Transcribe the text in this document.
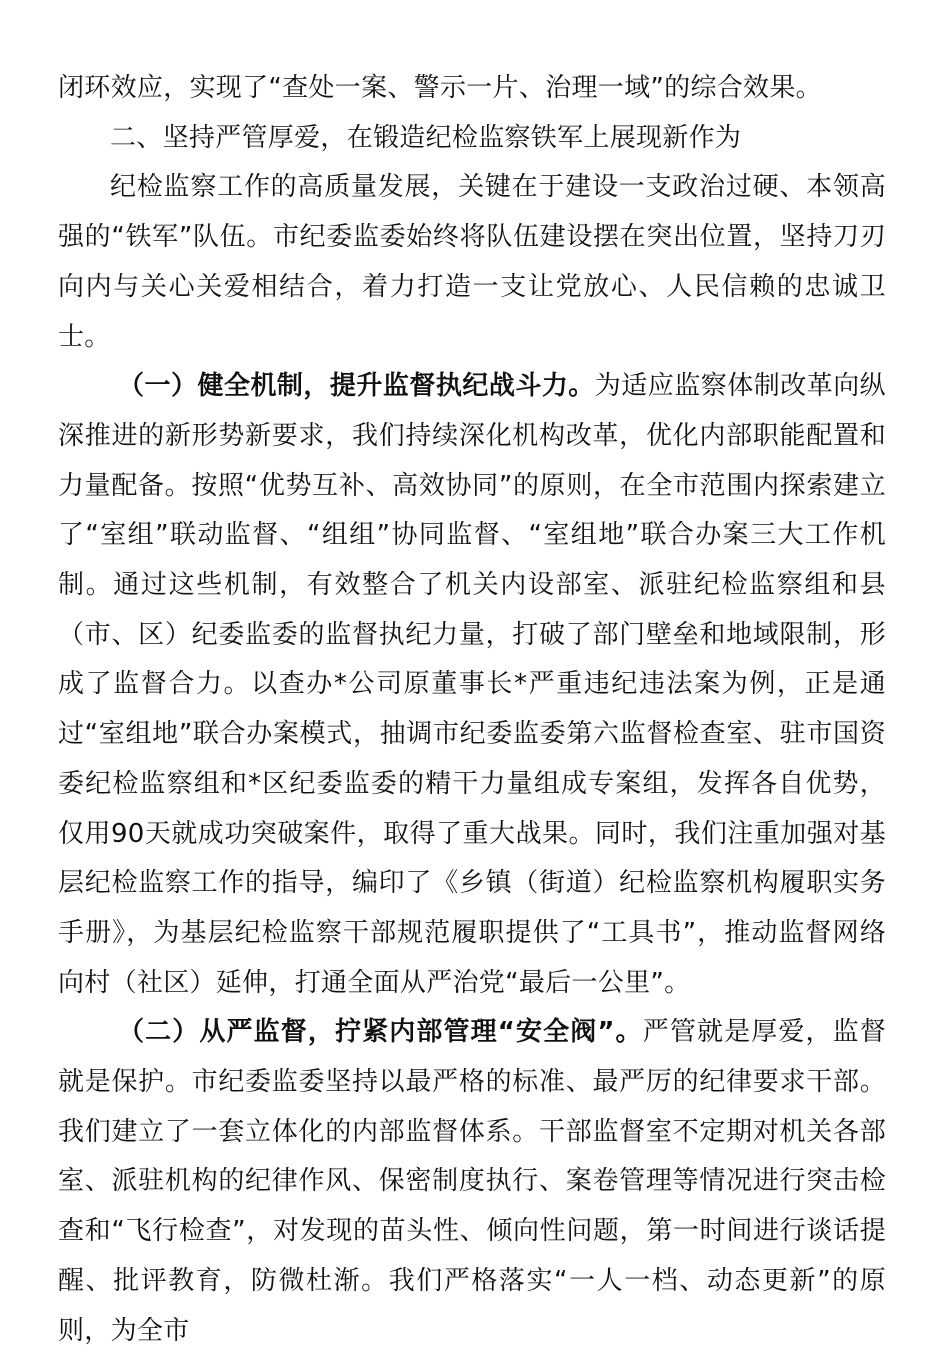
闭环效应，实现了“查处一案、警示一片、治理一域”的综合效果。

二、坚持严管厚爱，在锻造纪检监察铁军上展现新作为

纪检监察工作的高质量发展，关键在于建设一支政治过硬、本领高强的“铁军”队伍。市纪委监委始终将队伍建设摆在突出位置，坚持刀刃向内与关心关爱相结合，着力打造一支让党放心、人民信赖的忠诚卫士。

（一）健全机制，提升监督执纪战斗力。为适应监察体制改革向纵深推进的新形势新要求，我们持续深化机构改革，优化内部职能配置和力量配备。按照“优势互补、高效协同”的原则，在全市范围内探索建立了“室组”联动监督、“组组”协同监督、“室组地”联合办案三大工作机制。通过这些机制，有效整合了机关内设部室、派驻纪检监察组和县（市、区）纪委监委的监督执纪力量，打破了部门壁垒和地域限制，形成了监督合力。以查办*公司原董事长*严重违纪违法案为例，正是通过“室组地”联合办案模式，抽调市纪委监委第六监督检查室、驻市国资委纪检监察组和*区纪委监委的精干力量组成专案组，发挥各自优势，仅用90天就成功突破案件，取得了重大战果。同时，我们注重加强对基层纪检监察工作的指导，编印了《乡镇（街道）纪检监察机构履职实务手册》，为基层纪检监察干部规范履职提供了“工具书”，推动监督网络向村（社区）延伸，打通全面从严治党“最后一公里”。

（二）从严监督，拧紧内部管理“安全阀”。严管就是厚爱，监督就是保护。市纪委监委坚持以最严格的标准、最严厉的纪律要求干部。我们建立了一套立体化的内部监督体系。干部监督室不定期对机关各部室、派驻机构的纪律作风、保密制度执行、案卷管理等情况进行突击检查和“飞行检查”，对发现的苗头性、倾向性问题，第一时间进行谈话提醒、批评教育，防微杜渐。我们严格落实“一人一档、动态更新”的原则，为全市
